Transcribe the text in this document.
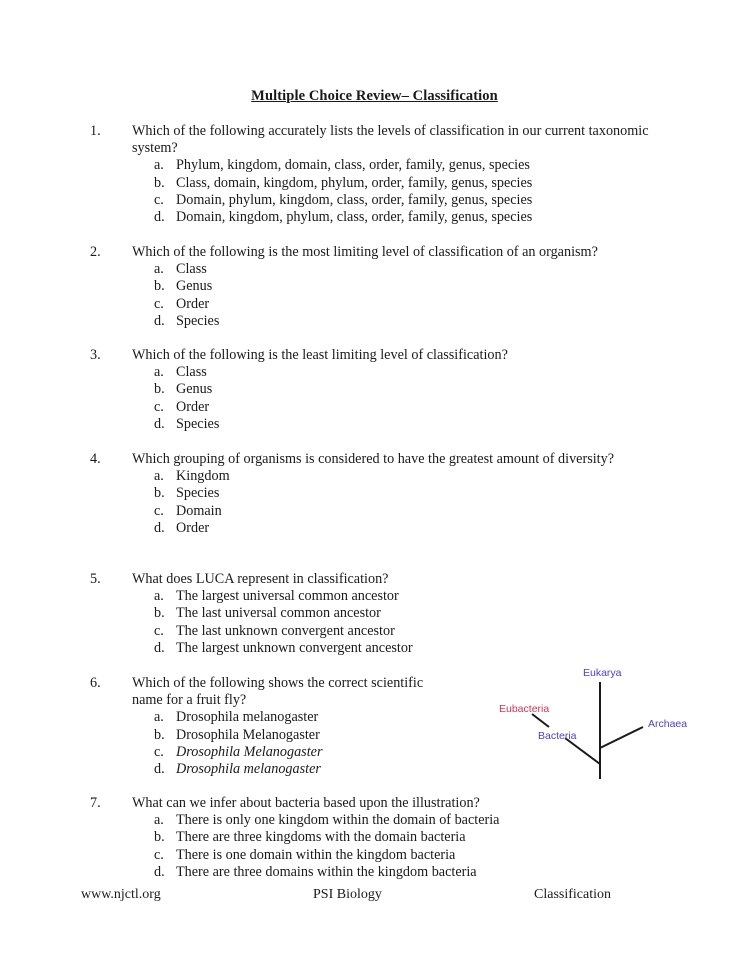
Multiple Choice Review– Classification
1. Which of the following accurately lists the levels of classification in our current taxonomic system?
a. Phylum, kingdom, domain, class, order, family, genus, species
b. Class, domain, kingdom, phylum, order, family, genus, species
c. Domain, phylum, kingdom, class, order, family, genus, species
d. Domain, kingdom, phylum, class, order, family, genus, species
2. Which of the following is the most limiting level of classification of an organism?
a. Class
b. Genus
c. Order
d. Species
3. Which of the following is the least limiting level of classification?
a. Class
b. Genus
c. Order
d. Species
4. Which grouping of organisms is considered to have the greatest amount of diversity?
a. Kingdom
b. Species
c. Domain
d. Order
5. What does LUCA represent in classification?
a. The largest universal common ancestor
b. The last universal common ancestor
c. The last unknown convergent ancestor
d. The largest unknown convergent ancestor
6. Which of the following shows the correct scientific name for a fruit fly?
a. Drosophila melanogaster
b. Drosophila Melanogaster
c. Drosophila Melanogaster
d. Drosophila melanogaster
Eukarya
Eubacteria
Archaea
Bacteria
7. What can we infer about bacteria based upon the illustration?
a. There is only one kingdom within the domain of bacteria
b. There are three kingdoms with the domain bacteria
c. There is one domain within the kingdom bacteria
d. There are three domains within the kingdom bacteria
www.njctl.org	PSI Biology	Classification
